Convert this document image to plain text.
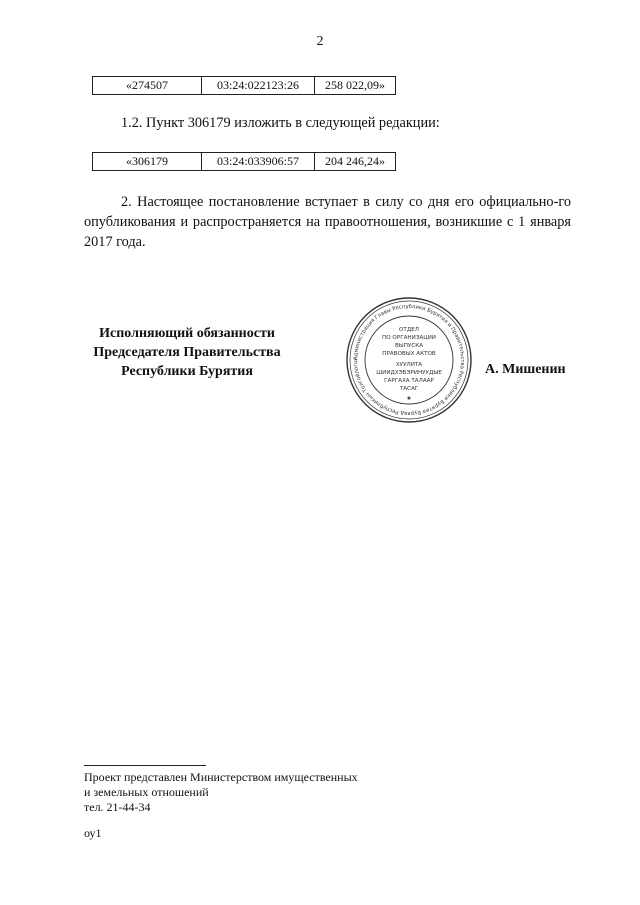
2
«274507	03:24:022123:26	258 022,09»
1.2. Пункт 306179 изложить в следующей редакции:
«306179	03:24:033906:57	204 246,24»
2. Настоящее постановление вступает в силу со дня его официально-го опубликования и распространяется на правоотношения, возникшие с 1 января 2017 года.
Исполняющий обязанности
Председателя Правительства
Республики Бурятия
Администрация Главы Республики Бурятия и Правительства Республики Бурятия Буряад Республикын Толгойлогш
ОТДЕЛ
ПО ОРГАНИЗАЦИИ
ВЫПУСКА
ПРАВОВЫХ АКТОВ
ХУУЛИТА
ШИИДХЭБЭРИНУУДЫЕ
ГАРГАХА ТАЛААР
ТАСАГ
★
А. Мишенин
Проект представлен Министерством имущественных
и земельных отношений
тел. 21-44-34
оу1
